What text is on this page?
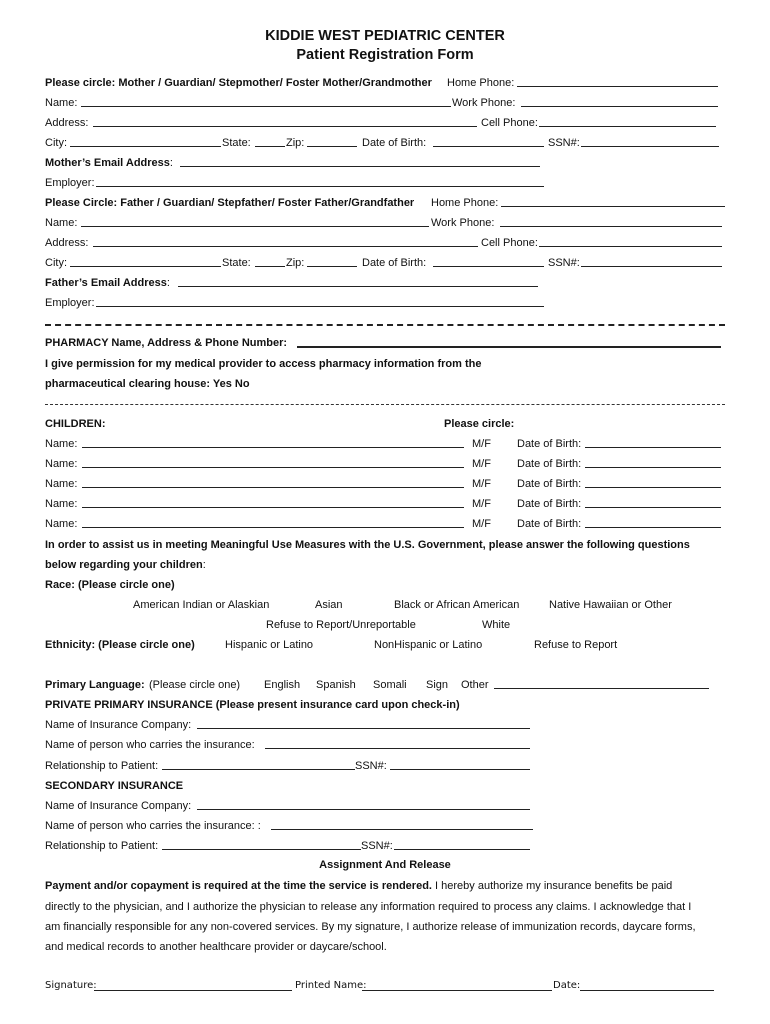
KIDDIE WEST PEDIATRIC CENTER
Patient Registration Form
Please circle: Mother / Guardian/ Stepmother/ Foster Mother/Grandmother Home Phone:
Name:	Work Phone:
Address:	Cell Phone:
City:	State:	Zip:	Date of Birth:	SSN#:
Mother’s Email Address:
Employer:
Please Circle: Father / Guardian/ Stepfather/ Foster Father/Grandfather Home Phone:
Name:	Work Phone:
Address:	Cell Phone:
City:	State:	Zip:	Date of Birth:	SSN#:
Father’s Email Address:
Employer:
PHARMACY Name, Address & Phone Number:
I give permission for my medical provider to access pharmacy information from the
pharmaceutical clearing house: Yes No
CHILDREN:	Please circle:
Name:	M/F Date of Birth:
Name:	M/F Date of Birth:
Name:	M/F Date of Birth:
Name:	M/F Date of Birth:
Name:	M/F Date of Birth:
In order to assist us in meeting Meaningful Use Measures with the U.S. Government, please answer the following questions
below regarding your children:
Race: (Please circle one)
American Indian or Alaskian	Asian	Black or African American	Native Hawaiian or Other
Refuse to Report/Unreportable	White
Ethnicity: (Please circle one)	Hispanic or Latino	NonHispanic or Latino	Refuse to Report
Primary Language: (Please circle one) English Spanish Somali Sign Other
PRIVATE PRIMARY INSURANCE (Please present insurance card upon check-in)
Name of Insurance Company:
Name of person who carries the insurance:
Relationship to Patient:	SSN#:
SECONDARY INSURANCE
Name of Insurance Company:
Name of person who carries the insurance: :
Relationship to Patient:	SSN#:
Assignment And Release
Payment and/or copayment is required at the time the service is rendered. I hereby authorize my insurance benefits be paid
directly to the physician, and I authorize the physician to release any information required to process any claims. I acknowledge that I
am financially responsible for any non-covered services. By my signature, I authorize release of immunization records, daycare forms,
and medical records to another healthcare provider or daycare/school.
Signature:	Printed Name:	Date:
